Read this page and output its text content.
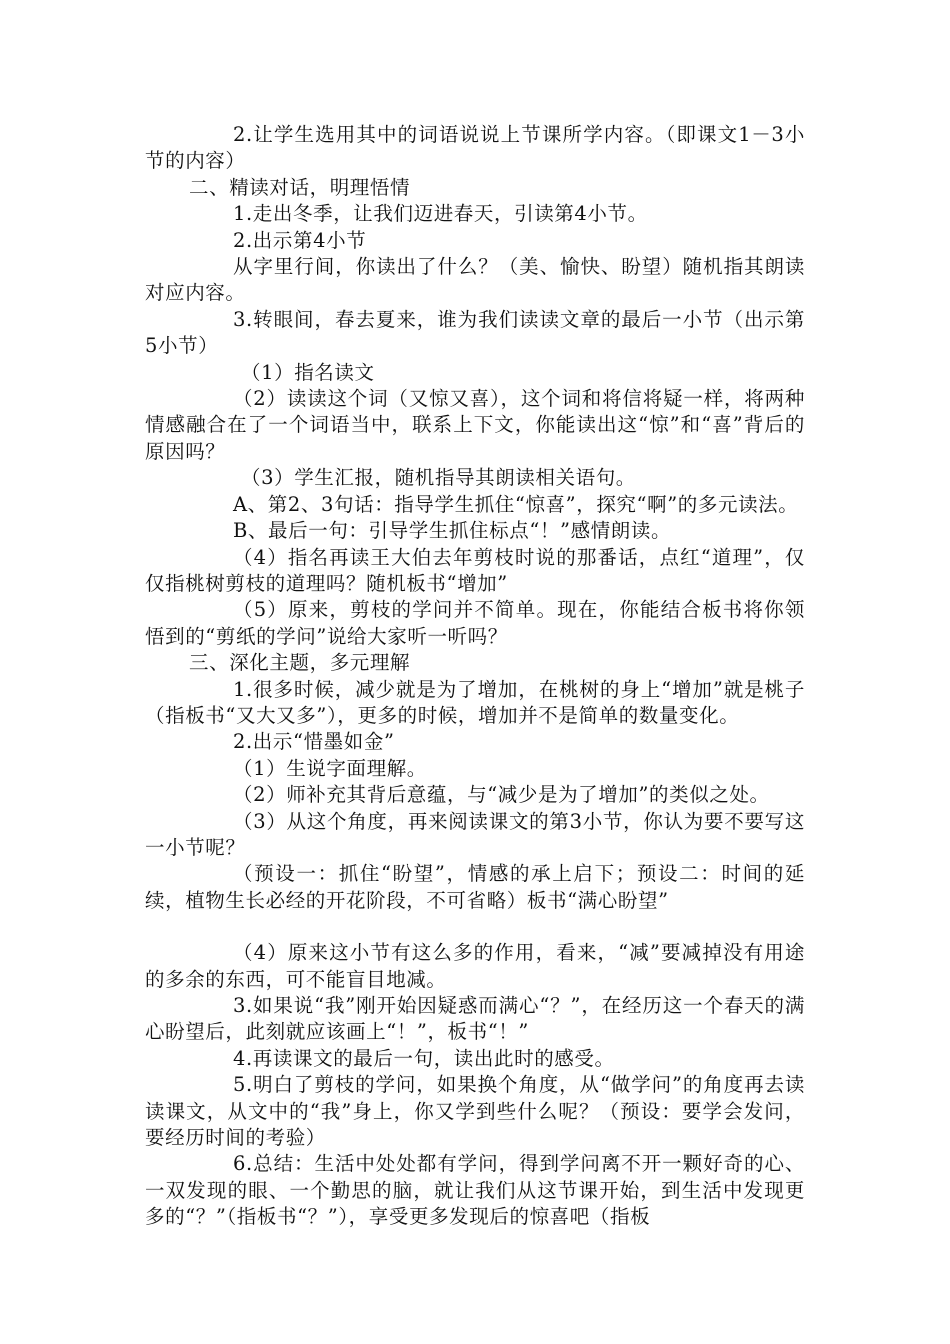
2.让学生选用其中的词语说说上节课所学内容。（即课文1－3小节的内容）

二、精读对话，明理悟情

1.走出冬季，让我们迈进春天，引读第4小节。

2.出示第4小节

从字里行间，你读出了什么？（美、愉快、盼望）随机指其朗读对应内容。

3.转眼间，春去夏来，谁为我们读读文章的最后一小节（出示第5小节）

（1）指名读文

（2）读读这个词（又惊又喜），这个词和将信将疑一样，将两种情感融合在了一个词语当中，联系上下文，你能读出这“惊”和“喜”背后的原因吗？

（3）学生汇报，随机指导其朗读相关语句。

A、第2、3句话：指导学生抓住“惊喜”，探究“啊”的多元读法。

B、最后一句：引导学生抓住标点“！”感情朗读。

（4）指名再读王大伯去年剪枝时说的那番话，点红“道理”，仅仅指桃树剪枝的道理吗？随机板书“增加”

（5）原来，剪枝的学问并不简单。现在，你能结合板书将你领悟到的“剪纸的学问”说给大家听一听吗？

三、深化主题，多元理解

1.很多时候，减少就是为了增加，在桃树的身上“增加”就是桃子（指板书“又大又多”），更多的时候，增加并不是简单的数量变化。

2.出示“惜墨如金”

（1）生说字面理解。

（2）师补充其背后意蕴，与“减少是为了增加”的类似之处。

（3）从这个角度，再来阅读课文的第3小节，你认为要不要写这一小节呢？

（预设一：抓住“盼望”，情感的承上启下；预设二：时间的延续，植物生长必经的开花阶段，不可省略）板书“满心盼望”

（4）原来这小节有这么多的作用，看来，“减”要减掉没有用途的多余的东西，可不能盲目地减。

3.如果说“我”刚开始因疑惑而满心“？”，在经历这一个春天的满心盼望后，此刻就应该画上“！”，板书“！”

4.再读课文的最后一句，读出此时的感受。

5.明白了剪枝的学问，如果换个角度，从“做学问”的角度再去读读课文，从文中的“我”身上，你又学到些什么呢？（预设：要学会发问，要经历时间的考验）

6.总结：生活中处处都有学问，得到学问离不开一颗好奇的心、一双发现的眼、一个勤思的脑，就让我们从这节课开始，到生活中发现更多的“？”（指板书“？”），享受更多发现后的惊喜吧（指板
